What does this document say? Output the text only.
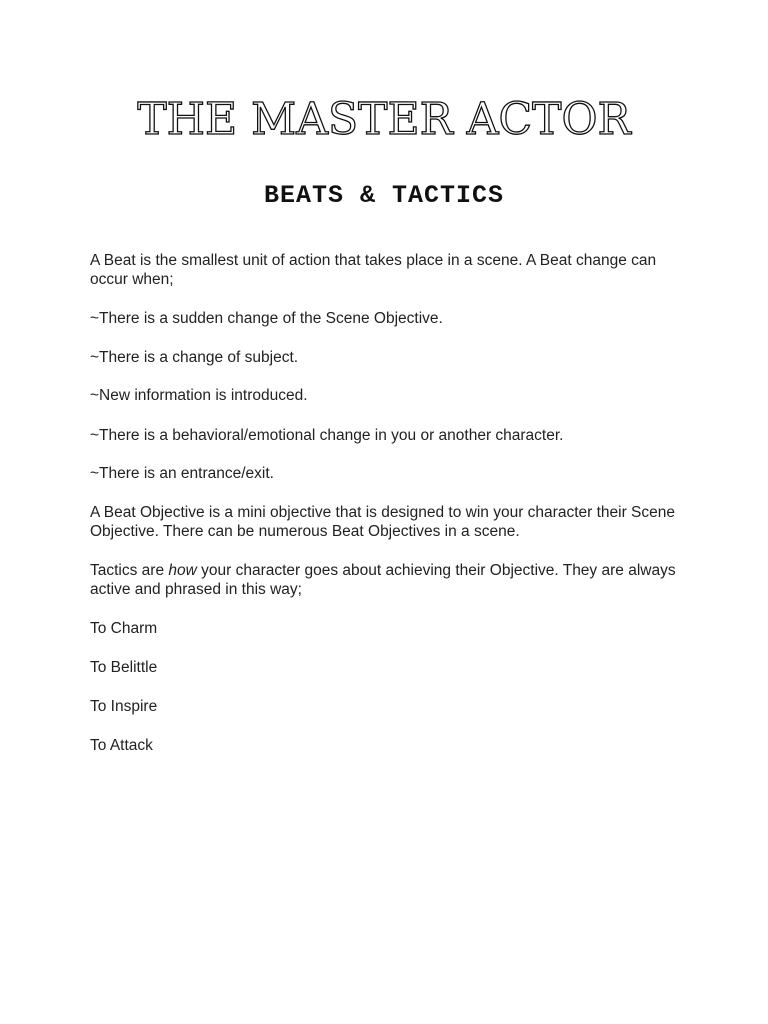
THE MASTER ACTOR
BEATS & TACTICS

A Beat is the smallest unit of action that takes place in a scene. A Beat change can occur when;

~There is a sudden change of the Scene Objective.

~There is a change of subject.

~New information is introduced.

~There is a behavioral/emotional change in you or another character.

~There is an entrance/exit.

A Beat Objective is a mini objective that is designed to win your character their Scene Objective. There can be numerous Beat Objectives in a scene.

Tactics are how your character goes about achieving their Objective. They are always active and phrased in this way;

To Charm

To Belittle

To Inspire

To Attack
